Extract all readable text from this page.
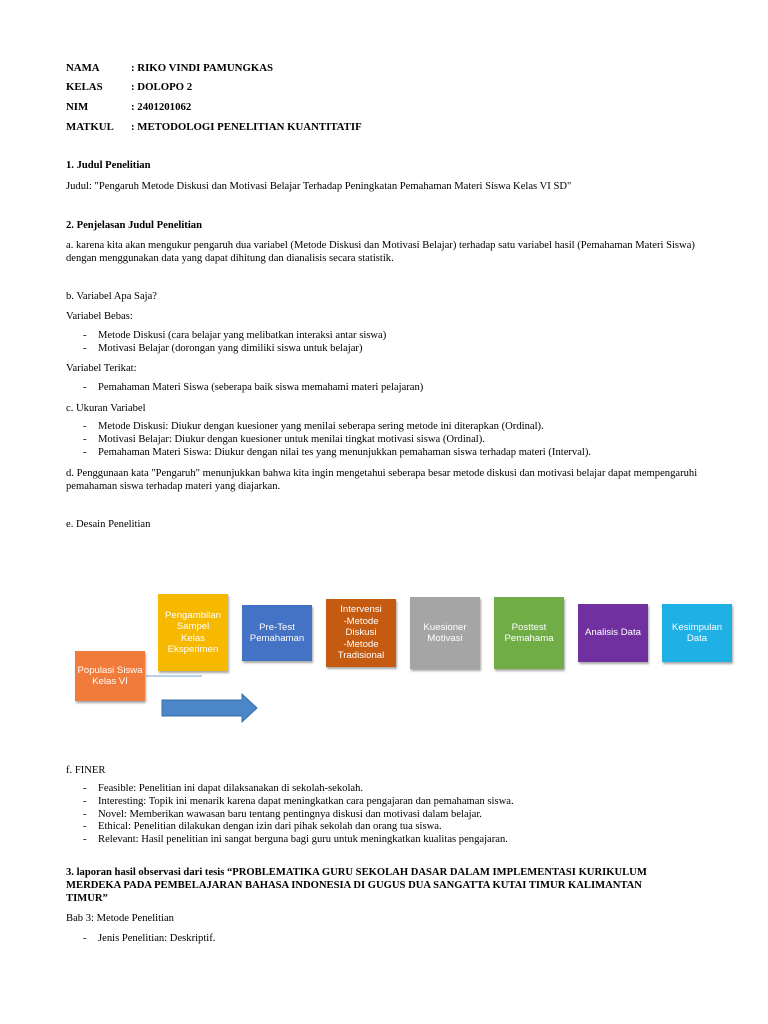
NAMA	: RIKO VINDI PAMUNGKAS
KELAS	: DOLOPO 2
NIM	: 2401201062
MATKUL : METODOLOGI PENELITIAN KUANTITATIF
1. Judul Penelitian
Judul: "Pengaruh Metode Diskusi dan Motivasi Belajar Terhadap Peningkatan Pemahaman Materi Siswa Kelas VI SD"
2. Penjelasan Judul Penelitian
a. karena kita akan mengukur pengaruh dua variabel (Metode Diskusi dan Motivasi Belajar) terhadap satu variabel hasil (Pemahaman Materi Siswa) dengan menggunakan data yang dapat dihitung dan dianalisis secara statistik.
b. Variabel Apa Saja?
Variabel Bebas:
- Metode Diskusi (cara belajar yang melibatkan interaksi antar siswa)
- Motivasi Belajar (dorongan yang dimiliki siswa untuk belajar)
Variabel Terikat:
- Pemahaman Materi Siswa (seberapa baik siswa memahami materi pelajaran)
c. Ukuran Variabel
- Metode Diskusi: Diukur dengan kuesioner yang menilai seberapa sering metode ini diterapkan (Ordinal).
- Motivasi Belajar: Diukur dengan kuesioner untuk menilai tingkat motivasi siswa (Ordinal).
- Pemahaman Materi Siswa: Diukur dengan nilai tes yang menunjukkan pemahaman siswa terhadap materi (Interval).
d. Penggunaan kata "Pengaruh" menunjukkan bahwa kita ingin mengetahui seberapa besar metode diskusi dan motivasi belajar dapat mempengaruhi pemahaman siswa terhadap materi yang diajarkan.
e. Desain Penelitian
Populasi Siswa
Kelas VI
Pengambilan
Sampel
Kelas
Eksperimen
Pre-Test
Pemahaman
Intervensi
-Metode
Diskusi
-Metode
Tradisional
Kuesioner
Motivasi
Posttest
Pemahama
Analisis Data
Kesimpulan
Data
f. FINER
- Feasible: Penelitian ini dapat dilaksanakan di sekolah-sekolah.
- Interesting: Topik ini menarik karena dapat meningkatkan cara pengajaran dan pemahaman siswa.
- Novel: Memberikan wawasan baru tentang pentingnya diskusi dan motivasi dalam belajar.
- Ethical: Penelitian dilakukan dengan izin dari pihak sekolah dan orang tua siswa.
- Relevant: Hasil penelitian ini sangat berguna bagi guru untuk meningkatkan kualitas pengajaran.
3. laporan hasil observasi dari tesis “PROBLEMATIKA GURU SEKOLAH DASAR DALAM IMPLEMENTASI KURIKULUM MERDEKA PADA PEMBELAJARAN BAHASA INDONESIA DI GUGUS DUA SANGATTA KUTAI TIMUR KALIMANTAN TIMUR”
Bab 3: Metode Penelitian
- Jenis Penelitian: Deskriptif.
